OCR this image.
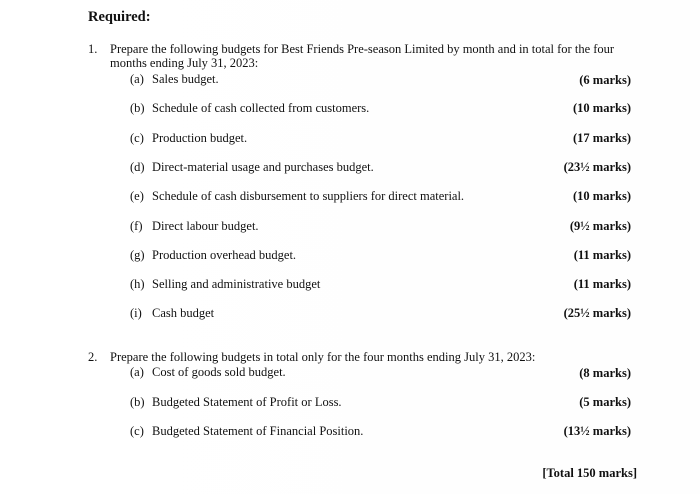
Required:
1. Prepare the following budgets for Best Friends Pre-season Limited by month and in total for the four
months ending July 31, 2023:
(a) Sales budget.	(6 marks)
(b) Schedule of cash collected from customers.	(10 marks)
(c) Production budget.	(17 marks)
(d) Direct-material usage and purchases budget.	(23½ marks)
(e) Schedule of cash disbursement to suppliers for direct material.	(10 marks)
(f) Direct labour budget.	(9½ marks)
(g) Production overhead budget.	(11 marks)
(h) Selling and administrative budget	(11 marks)
(i) Cash budget	(25½ marks)
2. Prepare the following budgets in total only for the four months ending July 31, 2023:
(a) Cost of goods sold budget.	(8 marks)
(b) Budgeted Statement of Profit or Loss.	(5 marks)
(c) Budgeted Statement of Financial Position.	(13½ marks)
[Total 150 marks]
